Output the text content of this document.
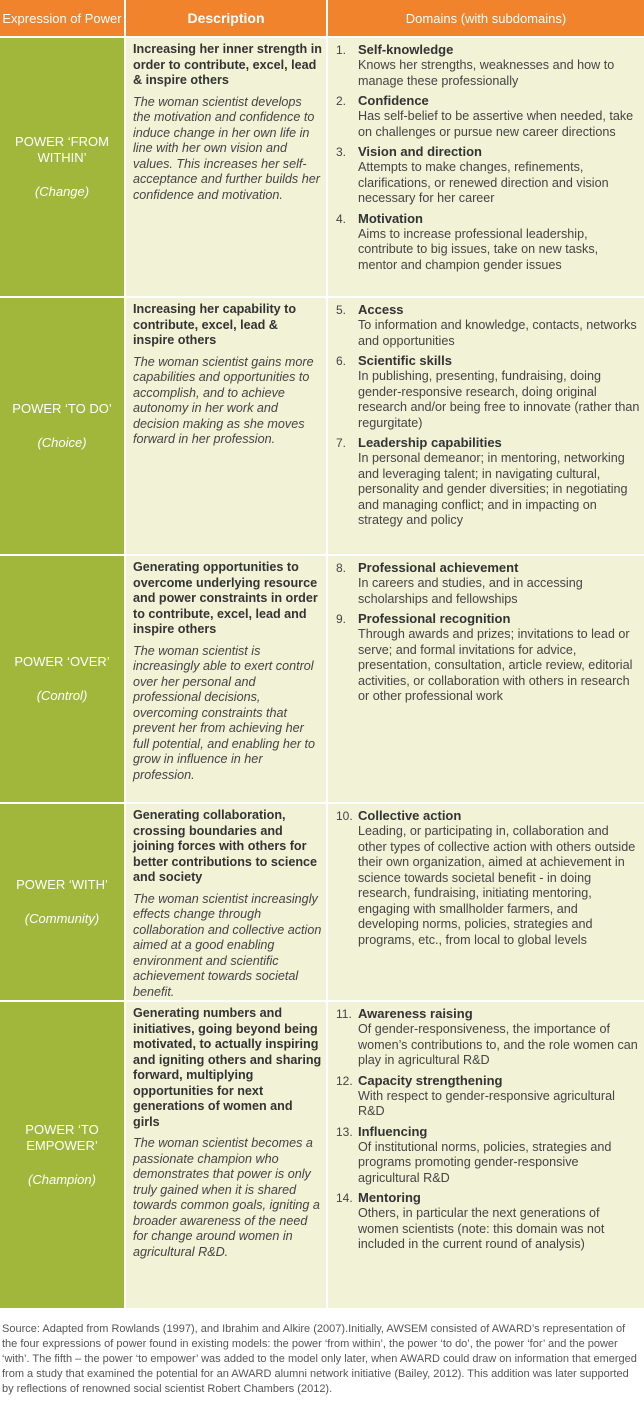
Expression of Power	Description	Domains (with subdomains)
POWER ‘FROM
WITHIN’
(Change)

Increasing her inner strength in order to contribute, excel, lead & inspire others

The woman scientist develops the motivation and confidence to induce change in her own life in line with her own vision and values. This increases her self-acceptance and further builds her confidence and motivation.

1. Self-knowledge
Knows her strengths, weaknesses and how to manage these professionally
2. Confidence
Has self-belief to be assertive when needed, take on challenges or pursue new career directions
3. Vision and direction
Attempts to make changes, refinements, clarifications, or renewed direction and vision necessary for her career
4. Motivation
Aims to increase professional leadership, contribute to big issues, take on new tasks, mentor and champion gender issues
POWER ‘TO DO’
(Choice)

Increasing her capability to contribute, excel, lead & inspire others

The woman scientist gains more capabilities and opportunities to accomplish, and to achieve autonomy in her work and decision making as she moves forward in her profession.

5. Access
To information and knowledge, contacts, networks and opportunities
6. Scientific skills
In publishing, presenting, fundraising, doing gender-responsive research, doing original research and/or being free to innovate (rather than regurgitate)
7. Leadership capabilities
In personal demeanor; in mentoring, networking and leveraging talent; in navigating cultural, personality and gender diversities; in negotiating and managing conflict; and in impacting on strategy and policy
POWER ‘OVER’
(Control)

Generating opportunities to overcome underlying resource and power constraints in order to contribute, excel, lead and inspire others

The woman scientist is increasingly able to exert control over her personal and professional decisions, overcoming constraints that prevent her from achieving her full potential, and enabling her to grow in influence in her profession.

8. Professional achievement
In careers and studies, and in accessing scholarships and fellowships
9. Professional recognition
Through awards and prizes; invitations to lead or serve; and formal invitations for advice, presentation, consultation, article review, editorial activities, or collaboration with others in research or other professional work
POWER ‘WITH’
(Community)

Generating collaboration, crossing boundaries and joining forces with others for better contributions to science and society

The woman scientist increasingly effects change through collaboration and collective action aimed at a good enabling environment and scientific achievement towards societal benefit.

10. Collective action
Leading, or participating in, collaboration and other types of collective action with others outside their own organization, aimed at achievement in science towards societal benefit - in doing research, fundraising, initiating mentoring, engaging with smallholder farmers, and developing norms, policies, strategies and programs, etc., from local to global levels
POWER ‘TO
EMPOWER’
(Champion)

Generating numbers and initiatives, going beyond being motivated, to actually inspiring and igniting others and sharing forward, multiplying opportunities for next generations of women and girls

The woman scientist becomes a passionate champion who demonstrates that power is only truly gained when it is shared towards common goals, igniting a broader awareness of the need for change around women in agricultural R&D.

11. Awareness raising
Of gender-responsiveness, the importance of women’s contributions to, and the role women can play in agricultural R&D
12. Capacity strengthening
With respect to gender-responsive agricultural R&D
13. Influencing
Of institutional norms, policies, strategies and programs promoting gender-responsive agricultural R&D
14. Mentoring
Others, in particular the next generations of women scientists (note: this domain was not included in the current round of analysis)
Source: Adapted from Rowlands (1997), and Ibrahim and Alkire (2007).Initially, AWSEM consisted of AWARD’s representation of the four expressions of power found in existing models: the power ‘from within’, the power ‘to do’, the power ‘for’ and the power ‘with’. The fifth – the power ‘to empower’ was added to the model only later, when AWARD could draw on information that emerged from a study that examined the potential for an AWARD alumni network initiative (Bailey, 2012). This addition was later supported by reflections of renowned social scientist Robert Chambers (2012).
